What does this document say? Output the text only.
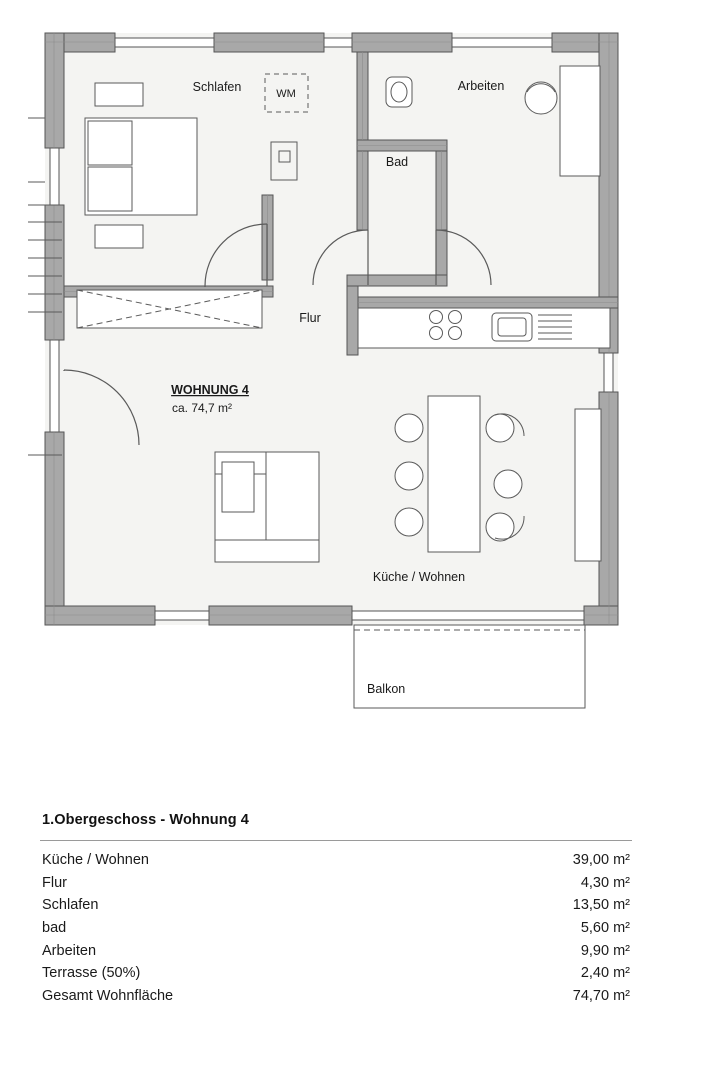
WM
Schlafen	Arbeiten
Bad
Flur
Küche / Wohnen
Balkon
WOHNUNG 4
ca. 74,7 m²
1.Obergeschoss - Wohnung 4
Küche / Wohnen	39,00 m²
Flur	4,30 m²
Schlafen	13,50 m²
bad	5,60 m²
Arbeiten	9,90 m²
Terrasse (50%)	2,40 m²
Gesamt Wohnfläche	74,70 m²
